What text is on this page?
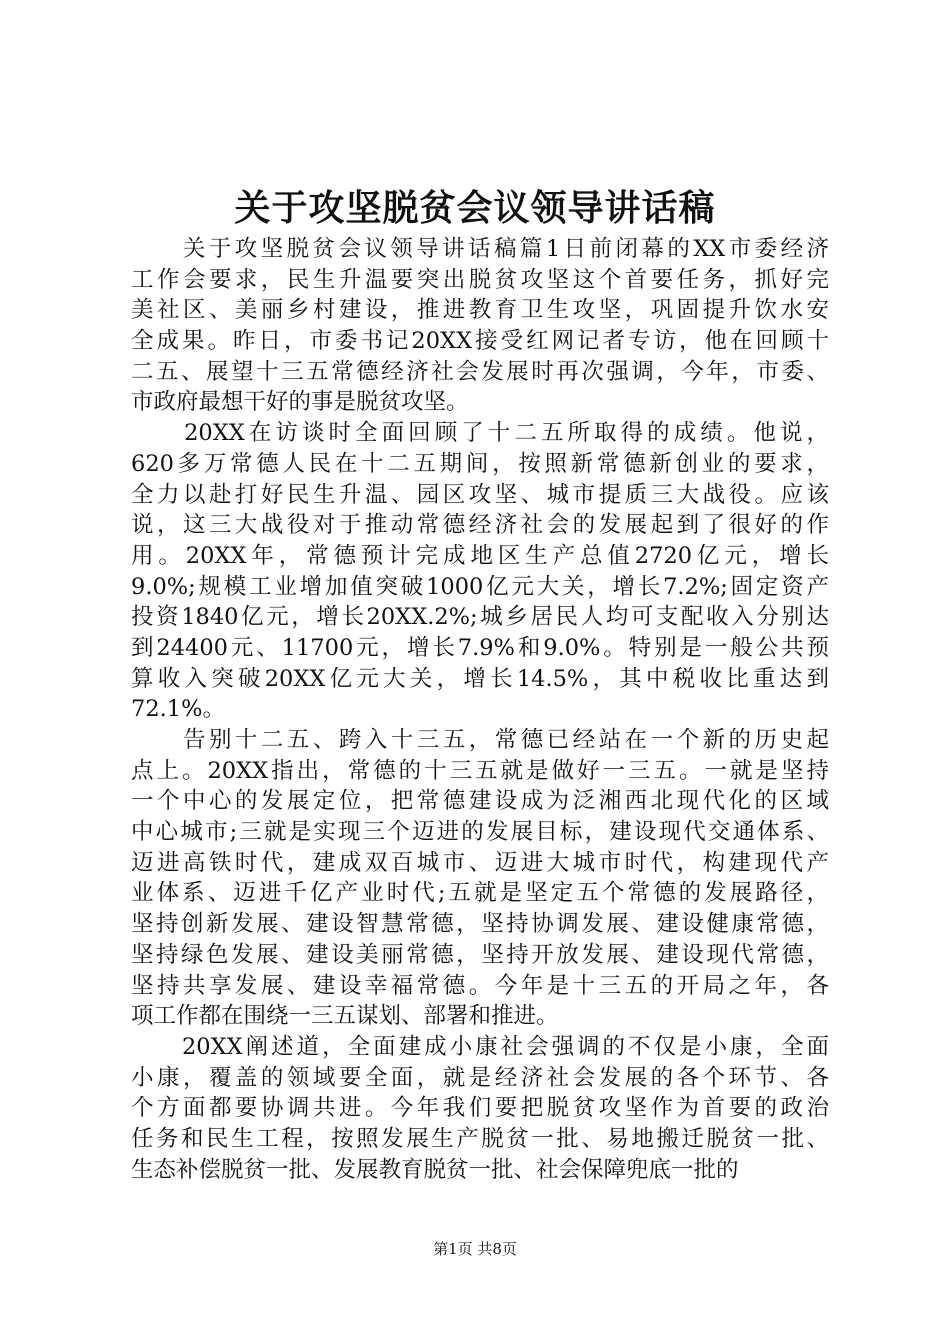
关于攻坚脱贫会议领导讲话稿
　　关于攻坚脱贫会议领导讲话稿篇1日前闭幕的XX市委经济
工作会要求，民生升温要突出脱贫攻坚这个首要任务，抓好完
美社区、美丽乡村建设，推进教育卫生攻坚，巩固提升饮水安
全成果。昨日，市委书记20XX接受红网记者专访，他在回顾十
二五、展望十三五常德经济社会发展时再次强调，今年，市委、
市政府最想干好的事是脱贫攻坚。
　　20XX在访谈时全面回顾了十二五所取得的成绩。他说，
620多万常德人民在十二五期间，按照新常德新创业的要求，
全力以赴打好民生升温、园区攻坚、城市提质三大战役。应该
说，这三大战役对于推动常德经济社会的发展起到了很好的作
用。20XX年，常德预计完成地区生产总值2720亿元，增长
9.0%;规模工业增加值突破1000亿元大关，增长7.2%;固定资产
投资1840亿元，增长20XX.2%;城乡居民人均可支配收入分别达
到24400元、11700元，增长7.9%和9.0%。特别是一般公共预
算收入突破20XX亿元大关，增长14.5%，其中税收比重达到
72.1%。
　　告别十二五、跨入十三五，常德已经站在一个新的历史起
点上。20XX指出，常德的十三五就是做好一三五。一就是坚持
一个中心的发展定位，把常德建设成为泛湘西北现代化的区域
中心城市;三就是实现三个迈进的发展目标，建设现代交通体系、
迈进高铁时代，建成双百城市、迈进大城市时代，构建现代产
业体系、迈进千亿产业时代;五就是坚定五个常德的发展路径，
坚持创新发展、建设智慧常德，坚持协调发展、建设健康常德，
坚持绿色发展、建设美丽常德，坚持开放发展、建设现代常德，
坚持共享发展、建设幸福常德。今年是十三五的开局之年，各
项工作都在围绕一三五谋划、部署和推进。
　　20XX阐述道，全面建成小康社会强调的不仅是小康，全面
小康，覆盖的领域要全面，就是经济社会发展的各个环节、各
个方面都要协调共进。今年我们要把脱贫攻坚作为首要的政治
任务和民生工程，按照发展生产脱贫一批、易地搬迁脱贫一批、
生态补偿脱贫一批、发展教育脱贫一批、社会保障兜底一批的
第1页 共8页
